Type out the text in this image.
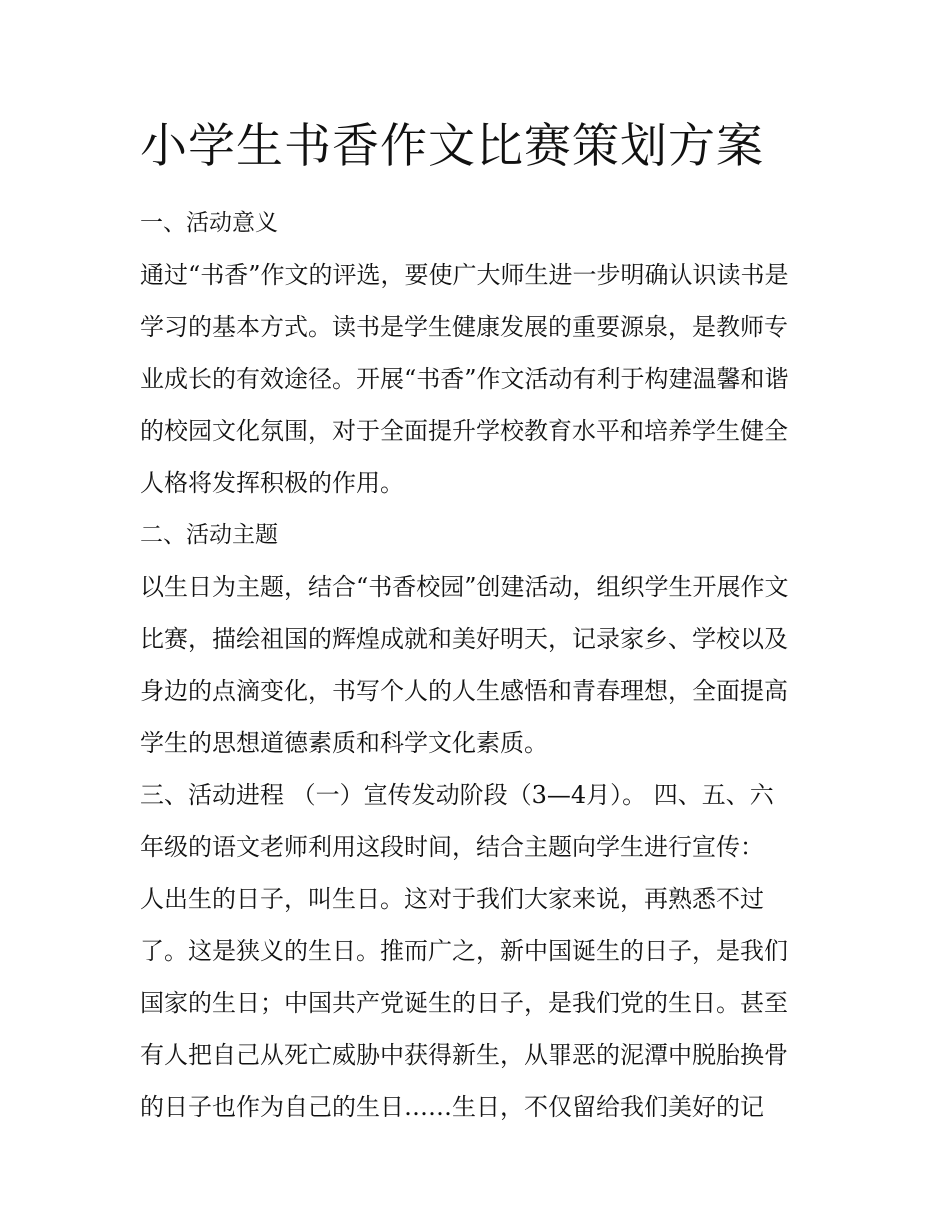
小学生书香作文比赛策划方案
一、活动意义
通过“书香”作文的评选，要使广大师生进一步明确认识读书是
学习的基本方式。读书是学生健康发展的重要源泉，是教师专
业成长的有效途径。开展“书香”作文活动有利于构建温馨和谐
的校园文化氛围，对于全面提升学校教育水平和培养学生健全
人格将发挥积极的作用。
二、活动主题
以生日为主题，结合“书香校园”创建活动，组织学生开展作文
比赛，描绘祖国的辉煌成就和美好明天，记录家乡、学校以及
身边的点滴变化，书写个人的人生感悟和青春理想，全面提高
学生的思想道德素质和科学文化素质。
三、活动进程 （一）宣传发动阶段（3—4月）。 四、五、六
年级的语文老师利用这段时间，结合主题向学生进行宣传：
人出生的日子，叫生日。这对于我们大家来说，再熟悉不过
了。这是狭义的生日。推而广之，新中国诞生的日子，是我们
国家的生日；中国共产党诞生的日子，是我们党的生日。甚至
有人把自己从死亡威胁中获得新生，从罪恶的泥潭中脱胎换骨
的日子也作为自己的生日……生日，不仅留给我们美好的记
